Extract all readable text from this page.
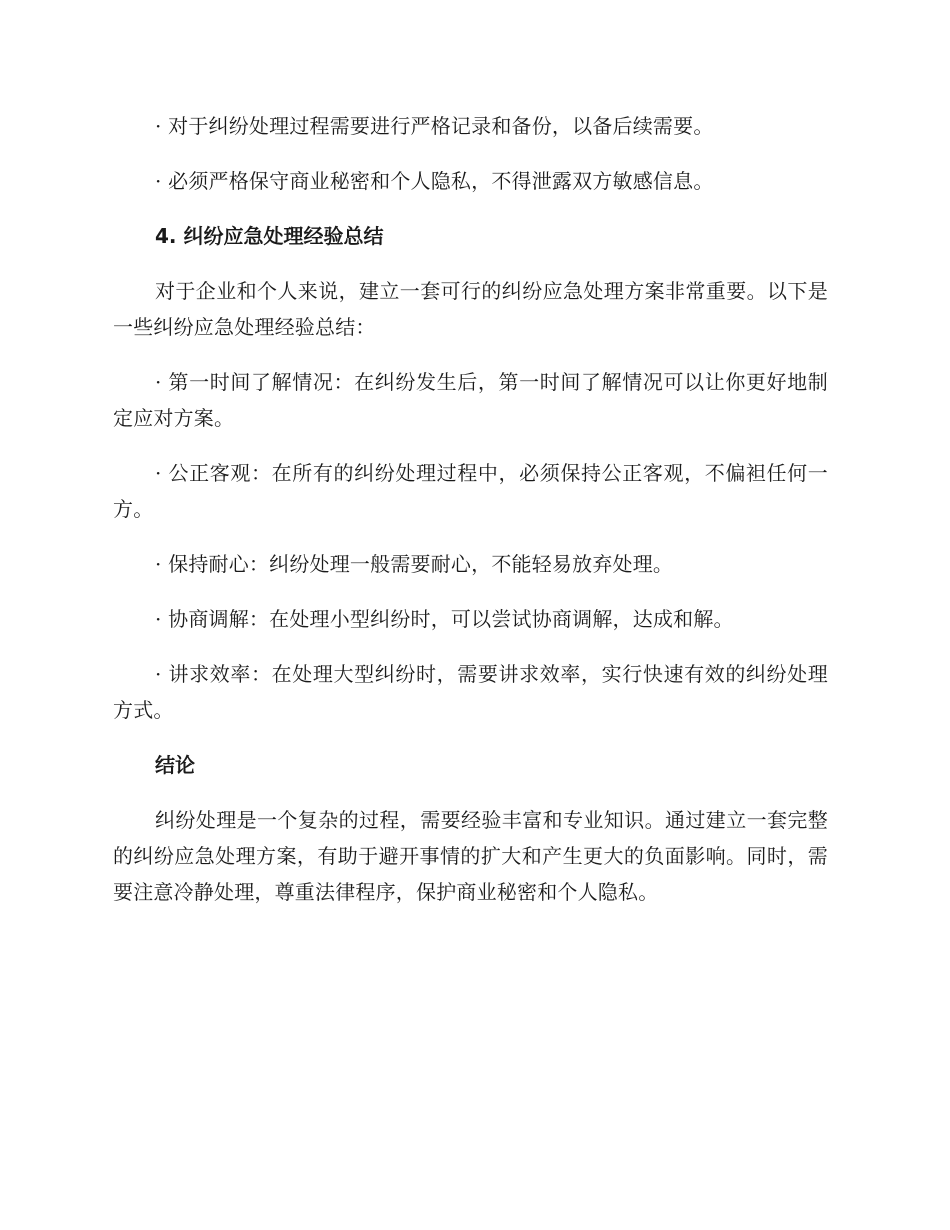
· 对于纠纷处理过程需要进行严格记录和备份，以备后续需要。

· 必须严格保守商业秘密和个人隐私，不得泄露双方敏感信息。

4. 纠纷应急处理经验总结

对于企业和个人来说，建立一套可行的纠纷应急处理方案非常重要。以下是一些纠纷应急处理经验总结：

· 第一时间了解情况：在纠纷发生后，第一时间了解情况可以让你更好地制定应对方案。

· 公正客观：在所有的纠纷处理过程中，必须保持公正客观，不偏袒任何一方。

· 保持耐心：纠纷处理一般需要耐心，不能轻易放弃处理。

· 协商调解：在处理小型纠纷时，可以尝试协商调解，达成和解。

· 讲求效率：在处理大型纠纷时，需要讲求效率，实行快速有效的纠纷处理方式。

结论

纠纷处理是一个复杂的过程，需要经验丰富和专业知识。通过建立一套完整的纠纷应急处理方案，有助于避开事情的扩大和产生更大的负面影响。同时，需要注意冷静处理，尊重法律程序，保护商业秘密和个人隐私。
